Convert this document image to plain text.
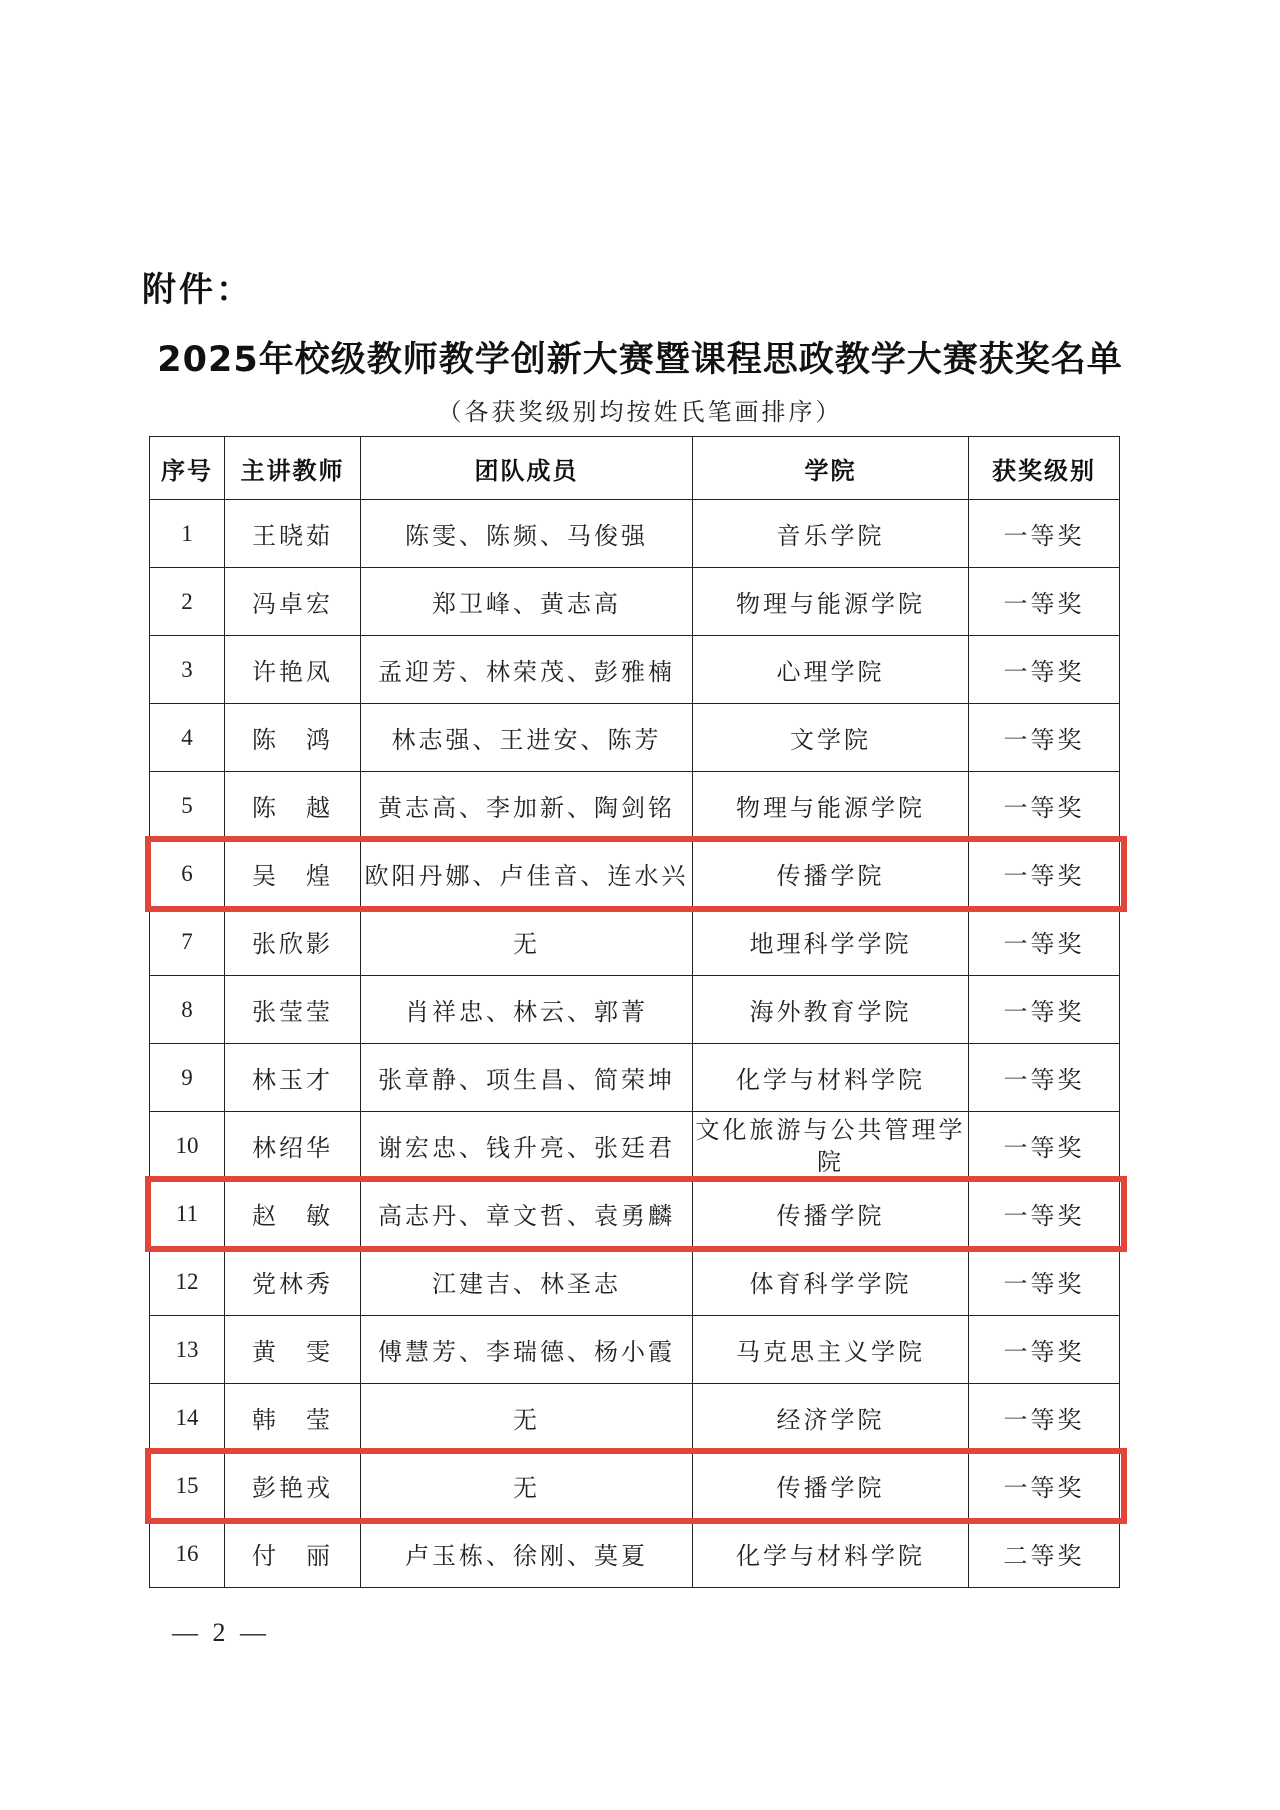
附件：
2025年校级教师教学创新大赛暨课程思政教学大赛获奖名单
（各获奖级别均按姓氏笔画排序）
序号	主讲教师	团队成员	学院	获奖级别
1	王晓茹	陈雯、陈频、马俊强	音乐学院	一等奖
2	冯卓宏	郑卫峰、黄志高	物理与能源学院	一等奖
3	许艳凤	孟迎芳、林荣茂、彭雅楠	心理学院	一等奖
4	陈　鸿	林志强、王进安、陈芳	文学院	一等奖
5	陈　越	黄志高、李加新、陶剑铭	物理与能源学院	一等奖
6	吴　煌	欧阳丹娜、卢佳音、连水兴	传播学院	一等奖
7	张欣影	无	地理科学学院	一等奖
8	张莹莹	肖祥忠、林云、郭菁	海外教育学院	一等奖
9	林玉才	张章静、项生昌、简荣坤	化学与材料学院	一等奖
10	林绍华	谢宏忠、钱升亮、张廷君	文化旅游与公共管理学院	一等奖
11	赵　敏	高志丹、章文哲、袁勇麟	传播学院	一等奖
12	党林秀	江建吉、林圣志	体育科学学院	一等奖
13	黄　雯	傅慧芳、李瑞德、杨小霞	马克思主义学院	一等奖
14	韩　莹	无	经济学院	一等奖
15	彭艳戎	无	传播学院	一等奖
16	付　丽	卢玉栋、徐刚、莫夏	化学与材料学院	二等奖
— 2 —
